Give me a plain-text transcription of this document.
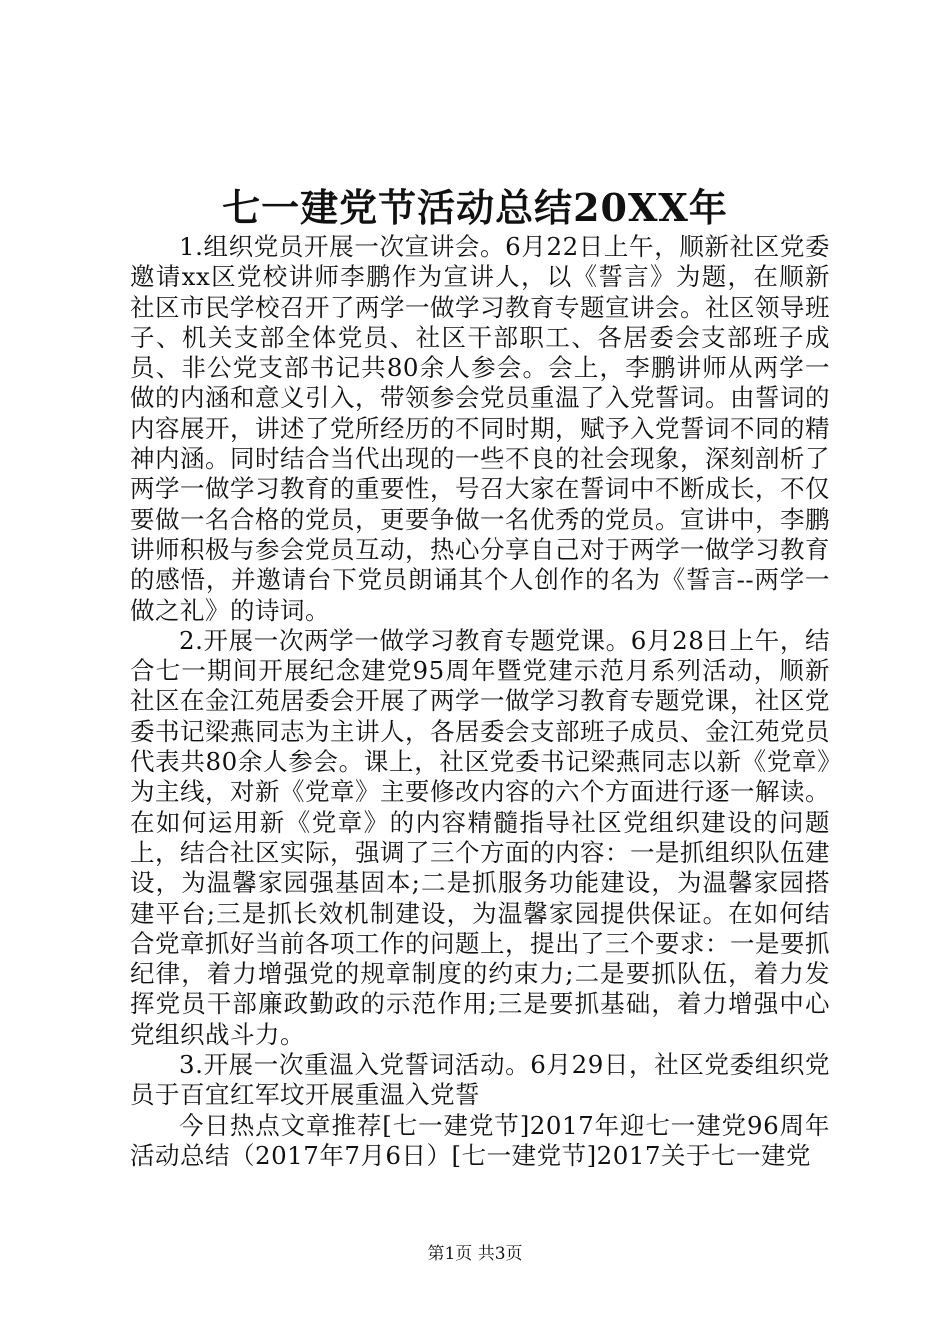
七一建党节活动总结20XX年

1.组织党员开展一次宣讲会。6月22日上午，顺新社区党委邀请xx区党校讲师李鹏作为宣讲人，以《誓言》为题，在顺新社区市民学校召开了两学一做学习教育专题宣讲会。社区领导班子、机关支部全体党员、社区干部职工、各居委会支部班子成员、非公党支部书记共80余人参会。会上，李鹏讲师从两学一做的内涵和意义引入，带领参会党员重温了入党誓词。由誓词的内容展开，讲述了党所经历的不同时期，赋予入党誓词不同的精神内涵。同时结合当代出现的一些不良的社会现象，深刻剖析了两学一做学习教育的重要性，号召大家在誓词中不断成长，不仅要做一名合格的党员，更要争做一名优秀的党员。宣讲中，李鹏讲师积极与参会党员互动，热心分享自己对于两学一做学习教育的感悟，并邀请台下党员朗诵其个人创作的名为《誓言--两学一做之礼》的诗词。

2.开展一次两学一做学习教育专题党课。6月28日上午，结合七一期间开展纪念建党95周年暨党建示范月系列活动，顺新社区在金江苑居委会开展了两学一做学习教育专题党课，社区党委书记梁燕同志为主讲人，各居委会支部班子成员、金江苑党员代表共80余人参会。课上，社区党委书记梁燕同志以新《党章》为主线，对新《党章》主要修改内容的六个方面进行逐一解读。在如何运用新《党章》的内容精髓指导社区党组织建设的问题上，结合社区实际，强调了三个方面的内容：一是抓组织队伍建设，为温馨家园强基固本;二是抓服务功能建设，为温馨家园搭建平台;三是抓长效机制建设，为温馨家园提供保证。在如何结合党章抓好当前各项工作的问题上，提出了三个要求：一是要抓纪律，着力增强党的规章制度的约束力;二是要抓队伍，着力发挥党员干部廉政勤政的示范作用;三是要抓基础，着力增强中心党组织战斗力。

3.开展一次重温入党誓词活动。6月29日，社区党委组织党员于百宜红军坟开展重温入党誓

今日热点文章推荐[七一建党节]2017年迎七一建党96周年活动总结（2017年7月6日）[七一建党节]2017关于七一建党

第1页 共3页
